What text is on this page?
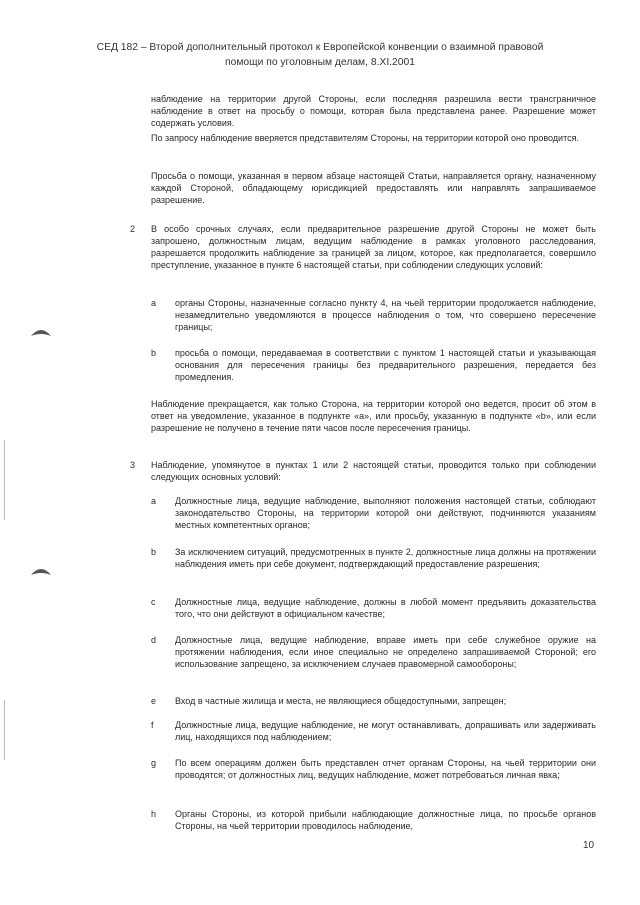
СЕД 182 – Второй дополнительный протокол к Европейской конвенции о взаимной правовой
помощи по уголовным делам, 8.XI.2001

наблюдение на территории другой Стороны, если последняя разрешила вести трансграничное наблюдение в ответ на просьбу о помощи, которая была представлена ранее. Разрешение может содержать условия.

По запросу наблюдение вверяется представителям Стороны, на территории которой оно проводится.

Просьба о помощи, указанная в первом абзаце настоящей Статьи, направляется органу, назначенному каждой Стороной, обладающему юрисдикцией предоставлять или направлять запрашиваемое разрешение.

2	В особо срочных случаях, если предварительное разрешение другой Стороны не может быть запрошено, должностным лицам, ведущим наблюдение в рамках уголовного расследования, разрешается продолжить наблюдение за границей за лицом, которое, как предполагается, совершило преступление, указанное в пункте 6 настоящей статьи, при соблюдении следующих условий:

a	органы Стороны, назначенные согласно пункту 4, на чьей территории продолжается наблюдение, незамедлительно уведомляются в процессе наблюдения о том, что совершено пересечение границы;

b	просьба о помощи, передаваемая в соответствии с пунктом 1 настоящей статьи и указывающая основания для пересечения границы без предварительного разрешения, передается без промедления.

Наблюдение прекращается, как только Сторона, на территории которой оно ведется, просит об этом в ответ на уведомление, указанное в подпункте «a», или просьбу, указанную в подпункте «b», или если разрешение не получено в течение пяти часов после пересечения границы.

3	Наблюдение, упомянутое в пунктах 1 или 2 настоящей статьи, проводится только при соблюдении следующих основных условий:

a	Должностные лица, ведущие наблюдение, выполняют положения настоящей статьи, соблюдают законодательство Стороны, на территории которой они действуют, подчиняются указаниям местных компетентных органов;

b	За исключением ситуаций, предусмотренных в пункте 2, должностные лица должны на протяжении наблюдения иметь при себе документ, подтверждающий предоставление разрешения;

c	Должностные лица, ведущие наблюдение, должны в любой момент предъявить доказательства того, что они действуют в официальном качестве;

d	Должностные лица, ведущие наблюдение, вправе иметь при себе служебное оружие на протяжении наблюдения, если иное специально не определено запрашиваемой Стороной; его использование запрещено, за исключением случаев правомерной самообороны;

e	Вход в частные жилища и места, не являющиеся общедоступными, запрещен;

f	Должностные лица, ведущие наблюдение, не могут останавливать, допрашивать или задерживать лиц, находящихся под наблюдением;

g	По всем операциям должен быть представлен отчет органам Стороны, на чьей территории они проводятся; от должностных лиц, ведущих наблюдение, может потребоваться личная явка;

h	Органы Стороны, из которой прибыли наблюдающие должностные лица, по просьбе органов Стороны, на чьей территории проводилось наблюдение,

10
